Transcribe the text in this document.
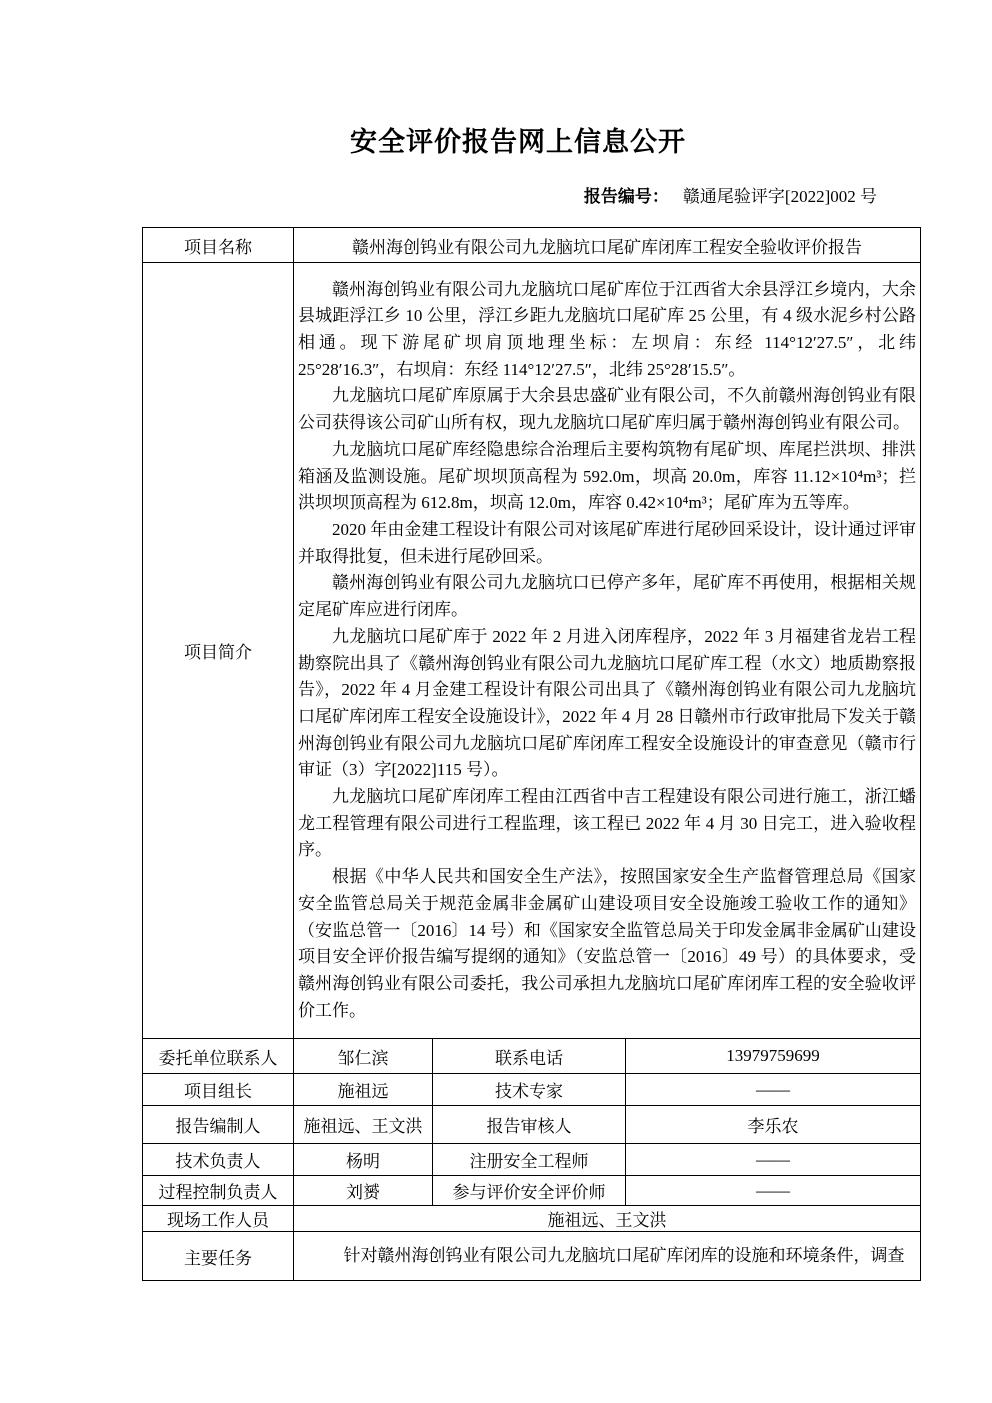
安全评价报告网上信息公开
报告编号： 赣通尾验评字[2022]002 号
项目名称	赣州海创钨业有限公司九龙脑坑口尾矿库闭库工程安全验收评价报告		
项目简介	

赣州海创钨业有限公司九龙脑坑口尾矿库位于江西省大余县浮江乡境内，大余县城距浮江乡 10 公里，浮江乡距九龙脑坑口尾矿库 25 公里，有 4 级水泥乡村公路相通。现下游尾矿坝肩顶地理坐标：左坝肩：东经 114°12′27.5″，北纬 25°28′16.3″，右坝肩：东经 114°12′27.5″，北纬 25°28′15.5″。

九龙脑坑口尾矿库原属于大余县忠盛矿业有限公司，不久前赣州海创钨业有限公司获得该公司矿山所有权，现九龙脑坑口尾矿库归属于赣州海创钨业有限公司。

九龙脑坑口尾矿库经隐患综合治理后主要构筑物有尾矿坝、库尾拦洪坝、排洪箱涵及监测设施。尾矿坝坝顶高程为 592.0m，坝高 20.0m，库容 11.12×10⁴m³；拦洪坝坝顶高程为 612.8m，坝高 12.0m，库容 0.42×10⁴m³；尾矿库为五等库。

2020 年由金建工程设计有限公司对该尾矿库进行尾砂回采设计，设计通过评审并取得批复，但未进行尾砂回采。

赣州海创钨业有限公司九龙脑坑口已停产多年，尾矿库不再使用，根据相关规定尾矿库应进行闭库。

九龙脑坑口尾矿库于 2022 年 2 月进入闭库程序，2022 年 3 月福建省龙岩工程勘察院出具了《赣州海创钨业有限公司九龙脑坑口尾矿库工程（水文）地质勘察报告》，2022 年 4 月金建工程设计有限公司出具了《赣州海创钨业有限公司九龙脑坑口尾矿库闭库工程安全设施设计》，2022 年 4 月 28 日赣州市行政审批局下发关于赣州海创钨业有限公司九龙脑坑口尾矿库闭库工程安全设施设计的审查意见（赣市行审证（3）字[2022]115 号）。

九龙脑坑口尾矿库闭库工程由江西省中吉工程建设有限公司进行施工，浙江蟠龙工程管理有限公司进行工程监理，该工程已 2022 年 4 月 30 日完工，进入验收程序。

根据《中华人民共和国安全生产法》，按照国家安全生产监督管理总局《国家安全监管总局关于规范金属非金属矿山建设项目安全设施竣工验收工作的通知》（安监总管一〔2016〕14 号）和《国家安全监管总局关于印发金属非金属矿山建设项目安全评价报告编写提纲的通知》（安监总管一〔2016〕49 号）的具体要求，受赣州海创钨业有限公司委托，我公司承担九龙脑坑口尾矿库闭库工程的安全验收评价工作。

委托单位联系人	邹仁滨	联系电话	13979759699
项目组长	施祖远	技术专家	——
报告编制人	施祖远、王文洪	报告审核人	李乐农
技术负责人	杨明	注册安全工程师	——
过程控制负责人	刘赟	参与评价安全评价师	——
现场工作人员	施祖远、王文洪		
主要任务	针对赣州海创钨业有限公司九龙脑坑口尾矿库闭库的设施和环境条件，调查		
